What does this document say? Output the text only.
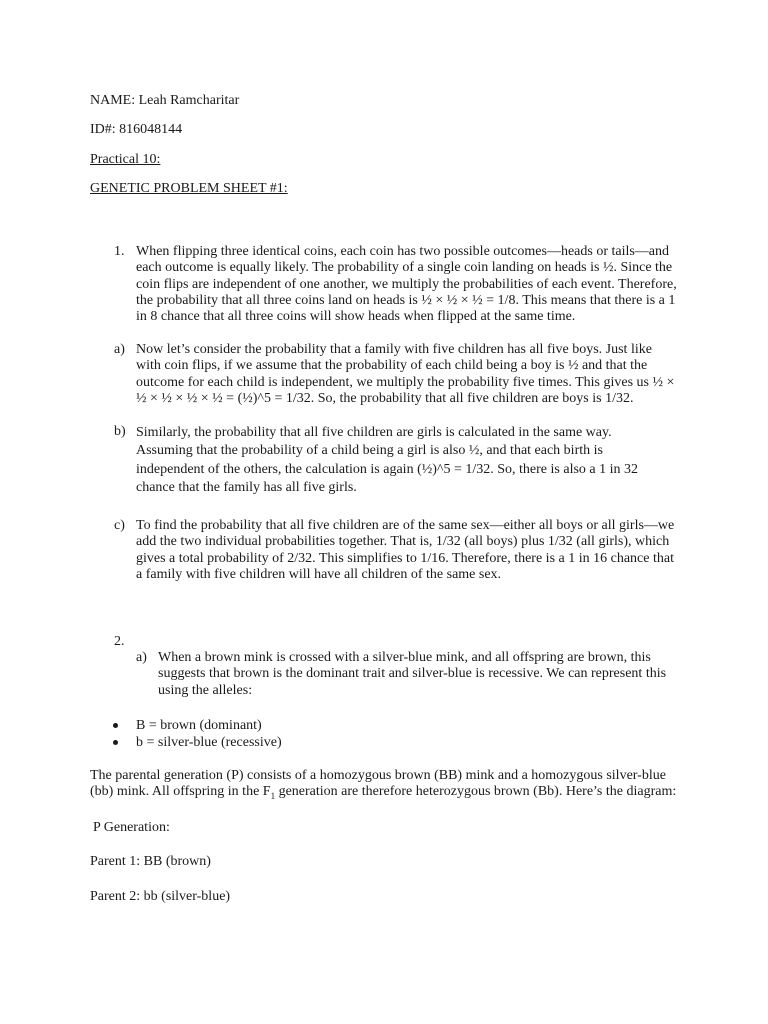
NAME: Leah Ramcharitar
ID#: 816048144
Practical 10:
GENETIC PROBLEM SHEET #1:
1. When flipping three identical coins, each coin has two possible outcomes—heads or tails—and each outcome is equally likely. The probability of a single coin landing on heads is ½. Since the coin flips are independent of one another, we multiply the probabilities of each event. Therefore, the probability that all three coins land on heads is ½ × ½ × ½ = 1/8. This means that there is a 1 in 8 chance that all three coins will show heads when flipped at the same time.
a) Now let’s consider the probability that a family with five children has all five boys. Just like with coin flips, if we assume that the probability of each child being a boy is ½ and that the outcome for each child is independent, we multiply the probability five times. This gives us ½ × ½ × ½ × ½ × ½ = (½)^5 = 1/32. So, the probability that all five children are boys is 1/32.
b) Similarly, the probability that all five children are girls is calculated in the same way. Assuming that the probability of a child being a girl is also ½, and that each birth is independent of the others, the calculation is again (½)^5 = 1/32. So, there is also a 1 in 32 chance that the family has all five girls.
c) To find the probability that all five children are of the same sex—either all boys or all girls—we add the two individual probabilities together. That is, 1/32 (all boys) plus 1/32 (all girls), which gives a total probability of 2/32. This simplifies to 1/16. Therefore, there is a 1 in 16 chance that a family with five children will have all children of the same sex.
2.
a) When a brown mink is crossed with a silver-blue mink, and all offspring are brown, this suggests that brown is the dominant trait and silver-blue is recessive. We can represent this using the alleles:
B = brown (dominant)
b = silver-blue (recessive)
The parental generation (P) consists of a homozygous brown (BB) mink and a homozygous silver-blue (bb) mink. All offspring in the $F_1$ generation are therefore heterozygous brown (Bb). Here’s the diagram:
P Generation:
Parent 1: BB (brown)
Parent 2: bb (silver-blue)
